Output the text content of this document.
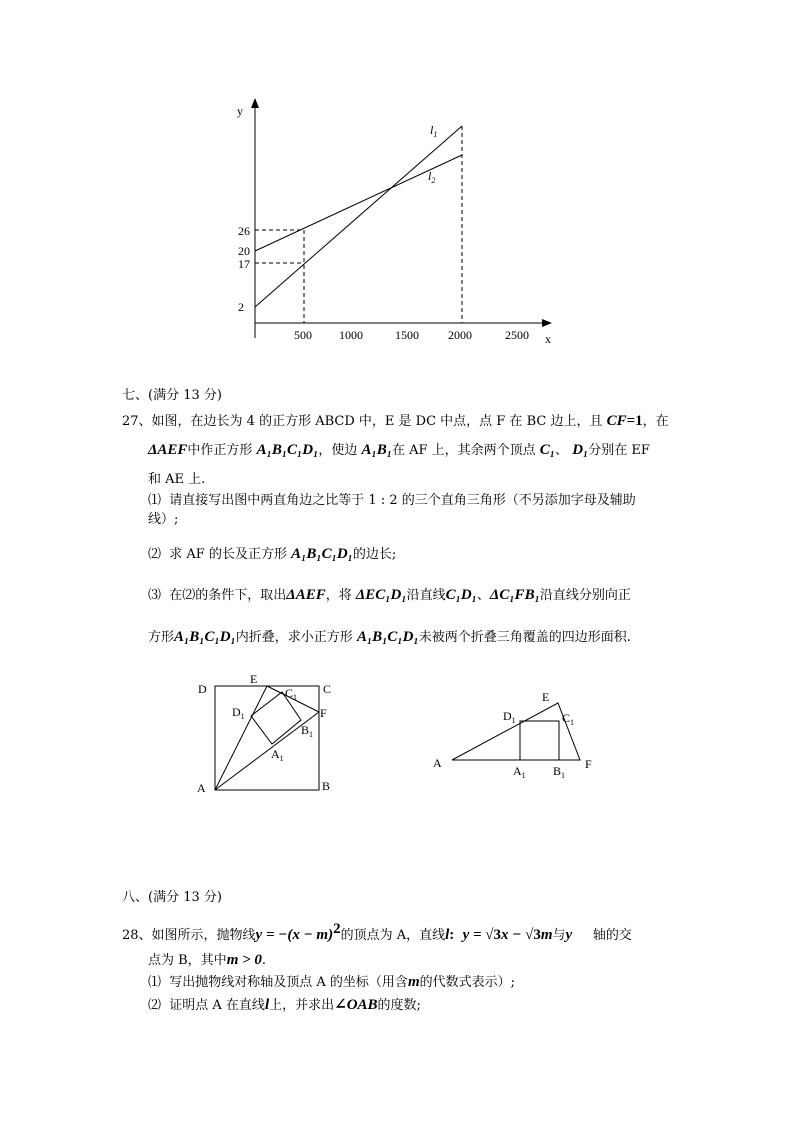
y
x
$l_1$
$l_2$
26
20
17
2
500 1000	1500 2000	2500
七、(满分 13 分)
27、如图，在边长为 4 的正方形 ABCD 中，E 是 DC 中点，点 F 在 BC 边上，且 CF=1，在
ΔAEF中作正方形 A₁B₁C₁D₁，使边 A₁B₁在 AF 上，其余两个顶点 C₁、 D₁分别在 EF
和 AE 上.
⑴ 请直接写出图中两直角边之比等于 1 : 2 的三个直角三角形（不另添加字母及辅助
线）;
⑵ 求 AF 的长及正方形 A₁B₁C₁D₁的边长;
⑶ 在⑵的条件下，取出ΔAEF，将 ΔEC₁D₁沿直线C₁D₁、ΔC₁FB₁沿直线分别向正
方形A₁B₁C₁D₁内折叠，求小正方形 A₁B₁C₁D₁未被两个折叠三角覆盖的四边形面积.
D
E
$C_1$
C
$D_1$	F
$B_1$
$A_1$
A	B
A
E
$D_1$	$C_1$
F
$A_1$ $B_1$
八、(满分 13 分)
28、如图所示，抛物线$y = -(x - m)^2$的顶点为 A，直线l: y = √3x − √3m与y 轴的交
点为 B，其中m > 0.
⑴ 写出抛物线对称轴及顶点 A 的坐标（用含m的代数式表示）;
⑵ 证明点 A 在直线l上，并求出∠OAB的度数;
